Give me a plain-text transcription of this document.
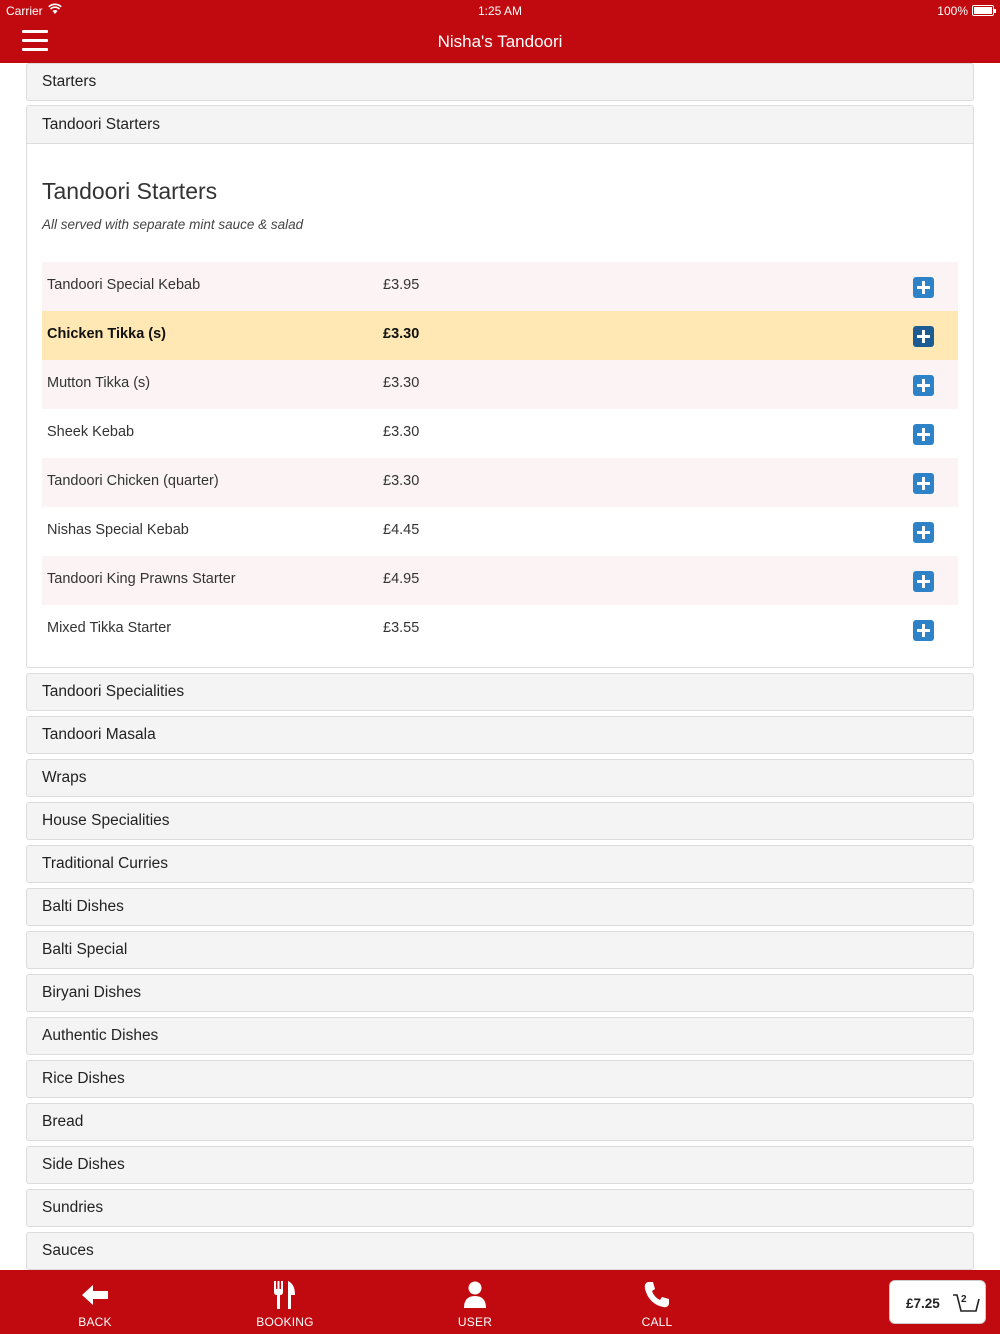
Carrier	1:25 AM	100%
Nisha's Tandoori
Starters
Tandoori Starters
Tandoori Starters
All served with separate mint sauce & salad
Tandoori Special Kebab	£3.95
Chicken Tikka (s)	£3.30
Mutton Tikka (s)	£3.30
Sheek Kebab	£3.30
Tandoori Chicken (quarter)	£3.30
Nishas Special Kebab	£4.45
Tandoori King Prawns Starter	£4.95
Mixed Tikka Starter	£3.55
Tandoori Specialities
Tandoori Masala
Wraps
House Specialities
Traditional Curries
Balti Dishes
Balti Special
Biryani Dishes
Authentic Dishes
Rice Dishes
Bread
Side Dishes
Sundries
Sauces
BACK	BOOKING	USER	CALL
£7.25 2
